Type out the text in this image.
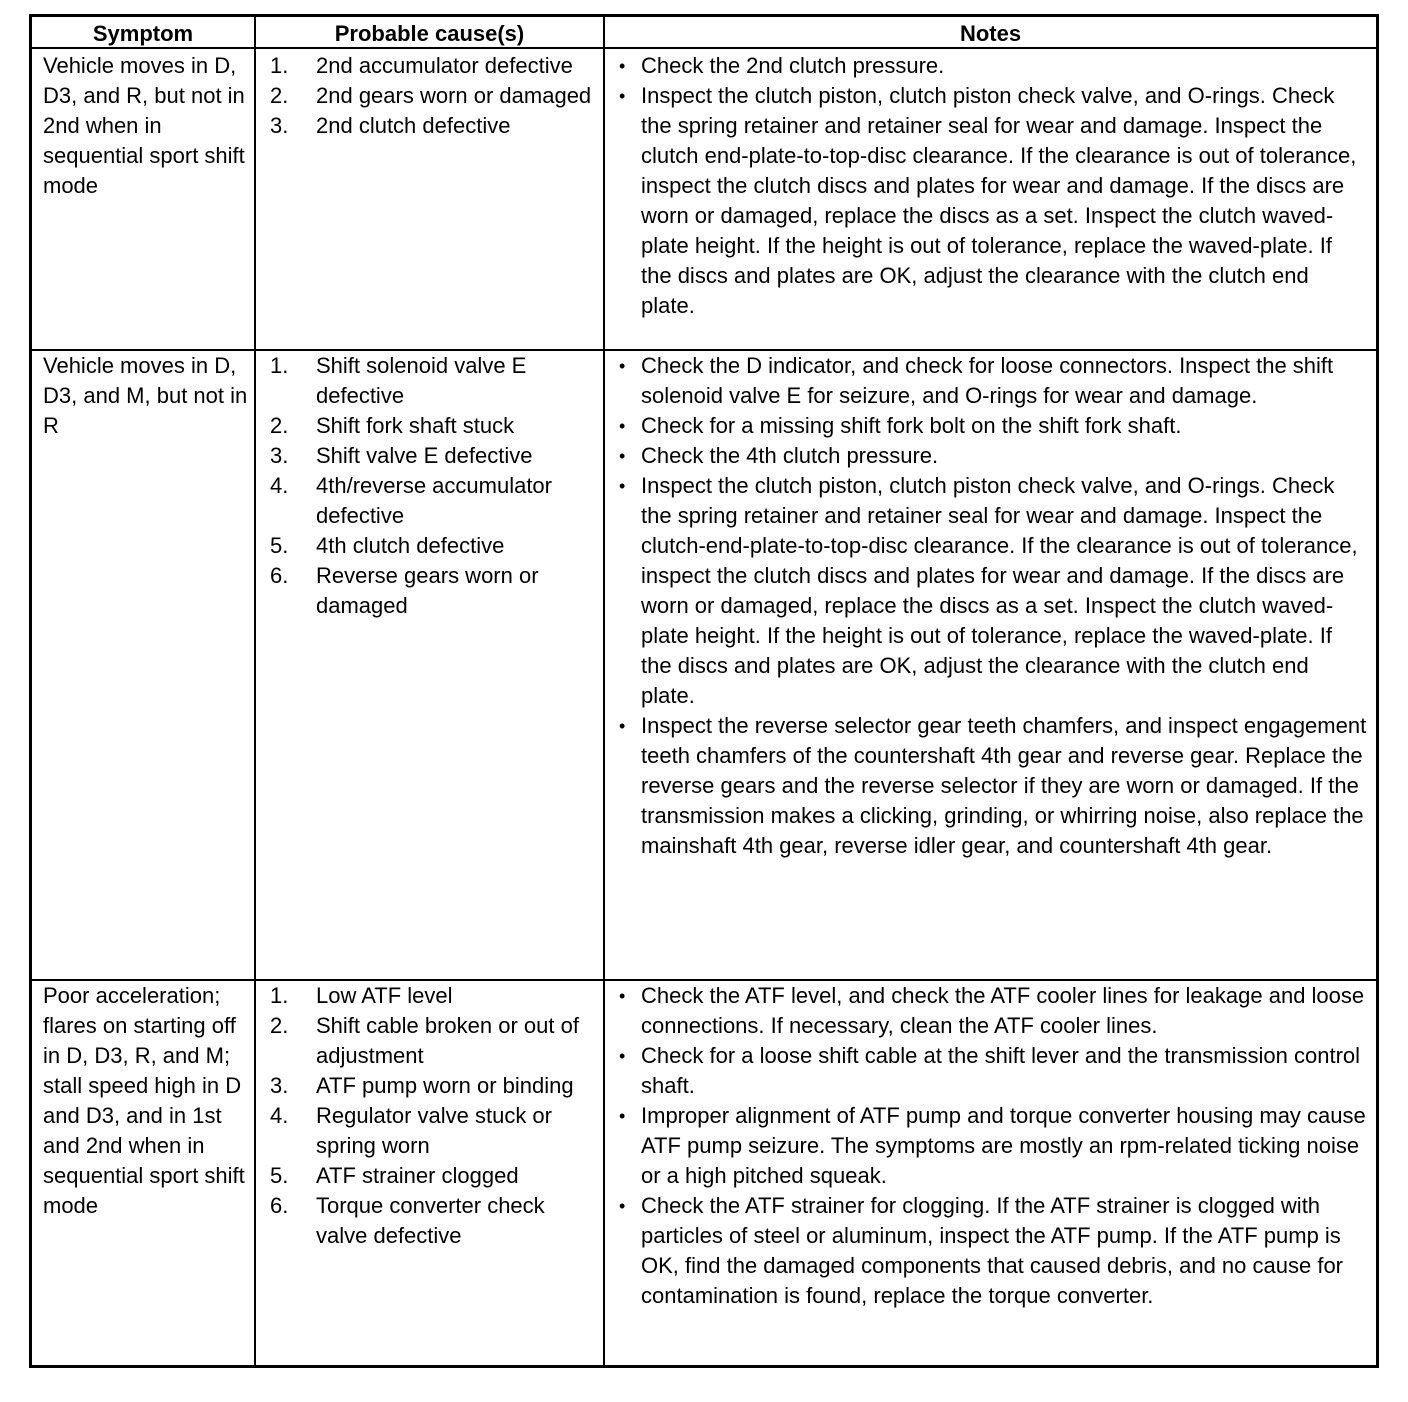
Symptom	Probable cause(s)	Notes
Vehicle moves in D, D3, and R, but not in 2nd when in sequential sport shift mode
1. 2nd accumulator defective
2. 2nd gears worn or damaged
3. 2nd clutch defective
• Check the 2nd clutch pressure.
• Inspect the clutch piston, clutch piston check valve, and O-rings. Check the spring retainer and retainer seal for wear and damage. Inspect the clutch end-plate-to-top-disc clearance. If the clearance is out of tolerance, inspect the clutch discs and plates for wear and damage. If the discs are worn or damaged, replace the discs as a set. Inspect the clutch waved-plate height. If the height is out of tolerance, replace the waved-plate. If the discs and plates are OK, adjust the clearance with the clutch end plate.
Vehicle moves in D, D3, and M, but not in R
1. Shift solenoid valve E defective
2. Shift fork shaft stuck
3. Shift valve E defective
4. 4th/reverse accumulator defective
5. 4th clutch defective
6. Reverse gears worn or damaged
• Check the D indicator, and check for loose connectors. Inspect the shift solenoid valve E for seizure, and O-rings for wear and damage.
• Check for a missing shift fork bolt on the shift fork shaft.
• Check the 4th clutch pressure.
• Inspect the clutch piston, clutch piston check valve, and O-rings. Check the spring retainer and retainer seal for wear and damage. Inspect the clutch-end-plate-to-top-disc clearance. If the clearance is out of tolerance, inspect the clutch discs and plates for wear and damage. If the discs are worn or damaged, replace the discs as a set. Inspect the clutch waved-plate height. If the height is out of tolerance, replace the waved-plate. If the discs and plates are OK, adjust the clearance with the clutch end plate.
• Inspect the reverse selector gear teeth chamfers, and inspect engagement teeth chamfers of the countershaft 4th gear and reverse gear. Replace the reverse gears and the reverse selector if they are worn or damaged. If the transmission makes a clicking, grinding, or whirring noise, also replace the mainshaft 4th gear, reverse idler gear, and countershaft 4th gear.
Poor acceleration; flares on starting off in D, D3, R, and M; stall speed high in D and D3, and in 1st and 2nd when in sequential sport shift mode
1. Low ATF level
2. Shift cable broken or out of adjustment
3. ATF pump worn or binding
4. Regulator valve stuck or spring worn
5. ATF strainer clogged
6. Torque converter check valve defective
• Check the ATF level, and check the ATF cooler lines for leakage and loose connections. If necessary, clean the ATF cooler lines.
• Check for a loose shift cable at the shift lever and the transmission control shaft.
• Improper alignment of ATF pump and torque converter housing may cause ATF pump seizure. The symptoms are mostly an rpm-related ticking noise or a high pitched squeak.
• Check the ATF strainer for clogging. If the ATF strainer is clogged with particles of steel or aluminum, inspect the ATF pump. If the ATF pump is OK, find the damaged components that caused debris, and no cause for contamination is found, replace the torque converter.
